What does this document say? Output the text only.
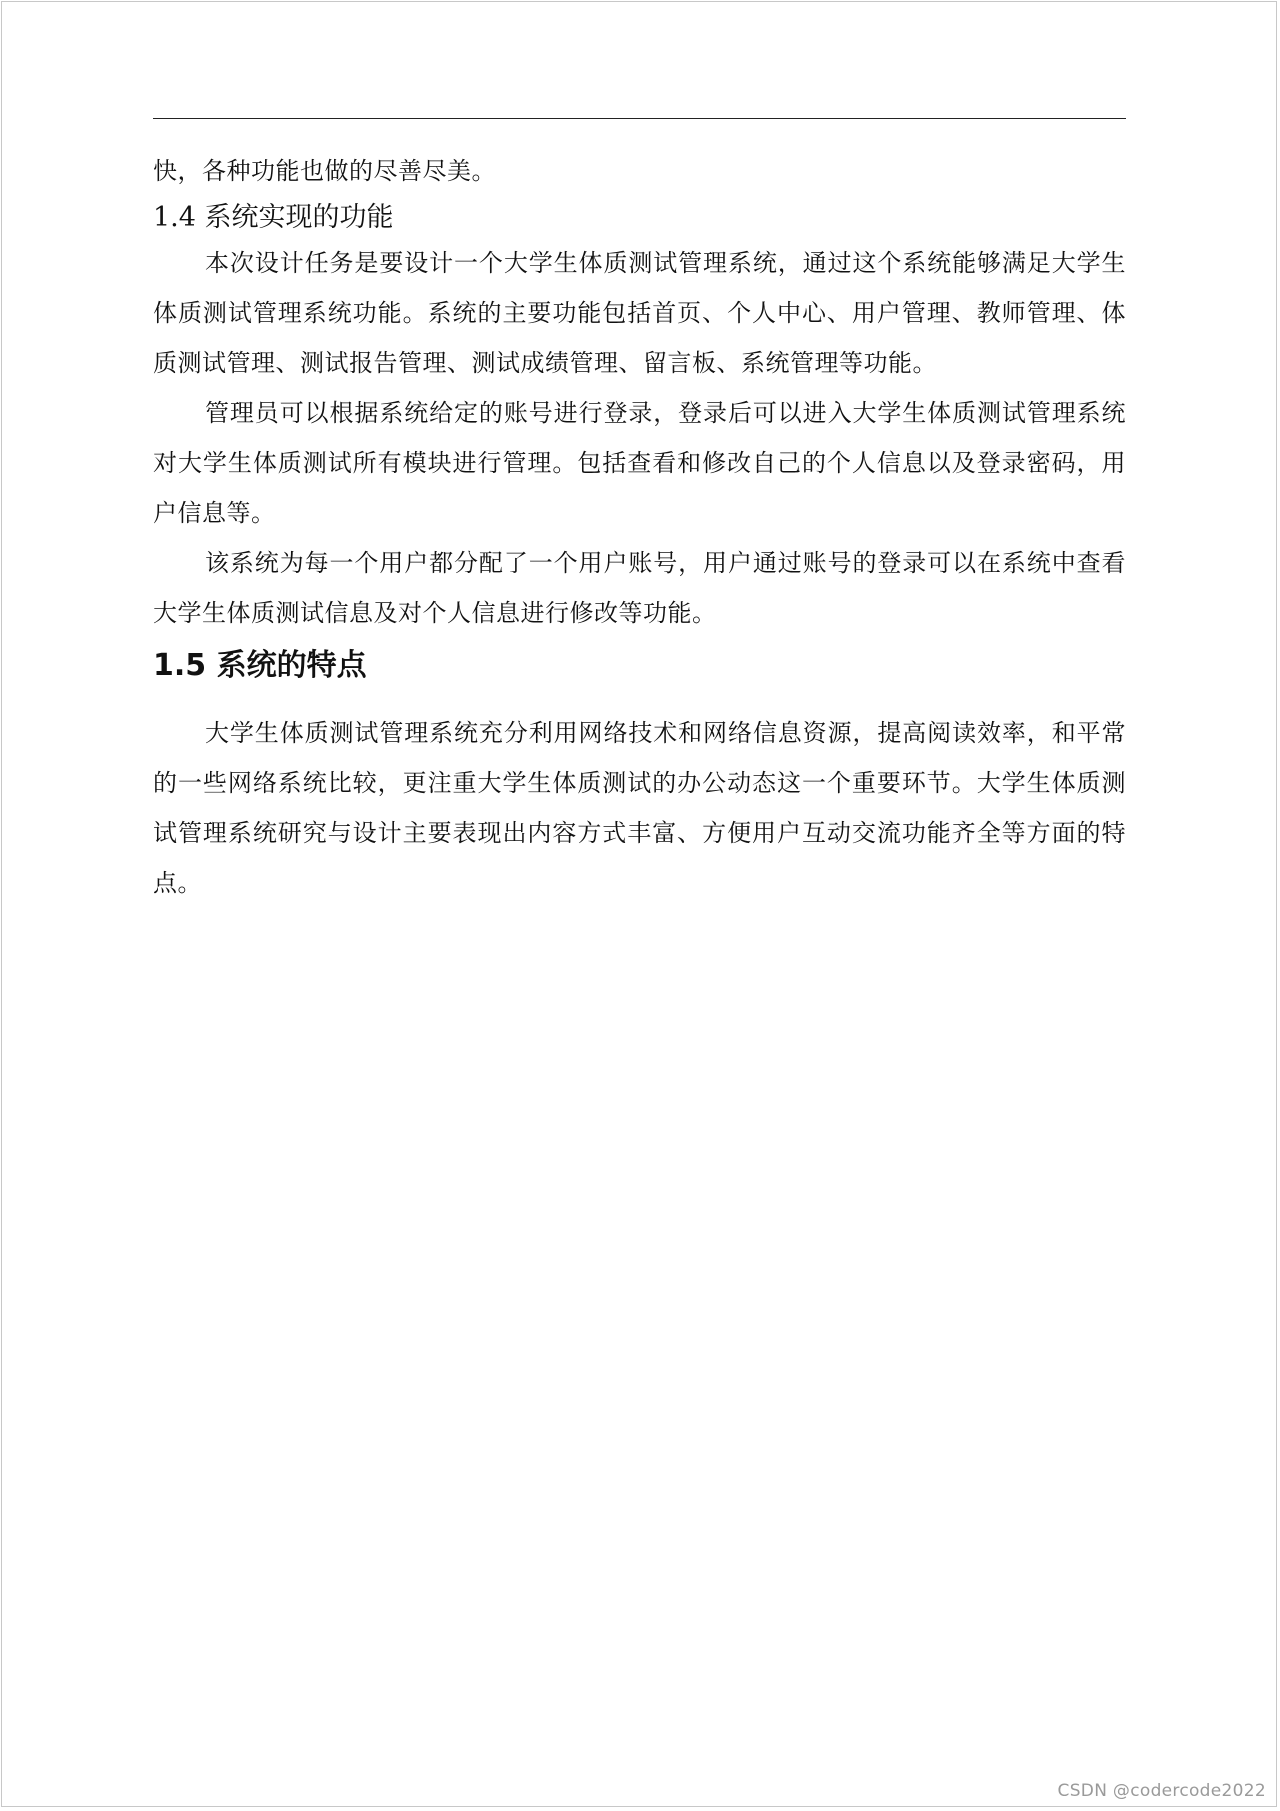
快，各种功能也做的尽善尽美。

1.4 系统实现的功能

本次设计任务是要设计一个大学生体质测试管理系统，通过这个系统能够满足大学生体质测试管理系统功能。系统的主要功能包括首页、个人中心、用户管理、教师管理、体质测试管理、测试报告管理、测试成绩管理、留言板、系统管理等功能。

管理员可以根据系统给定的账号进行登录，登录后可以进入大学生体质测试管理系统对大学生体质测试所有模块进行管理。包括查看和修改自己的个人信息以及登录密码，用户信息等。

该系统为每一个用户都分配了一个用户账号，用户通过账号的登录可以在系统中查看大学生体质测试信息及对个人信息进行修改等功能。

1.5 系统的特点

大学生体质测试管理系统充分利用网络技术和网络信息资源，提高阅读效率，和平常的一些网络系统比较，更注重大学生体质测试的办公动态这一个重要环节。大学生体质测试管理系统研究与设计主要表现出内容方式丰富、方便用户互动交流功能齐全等方面的特点。

CSDN @codercode2022
